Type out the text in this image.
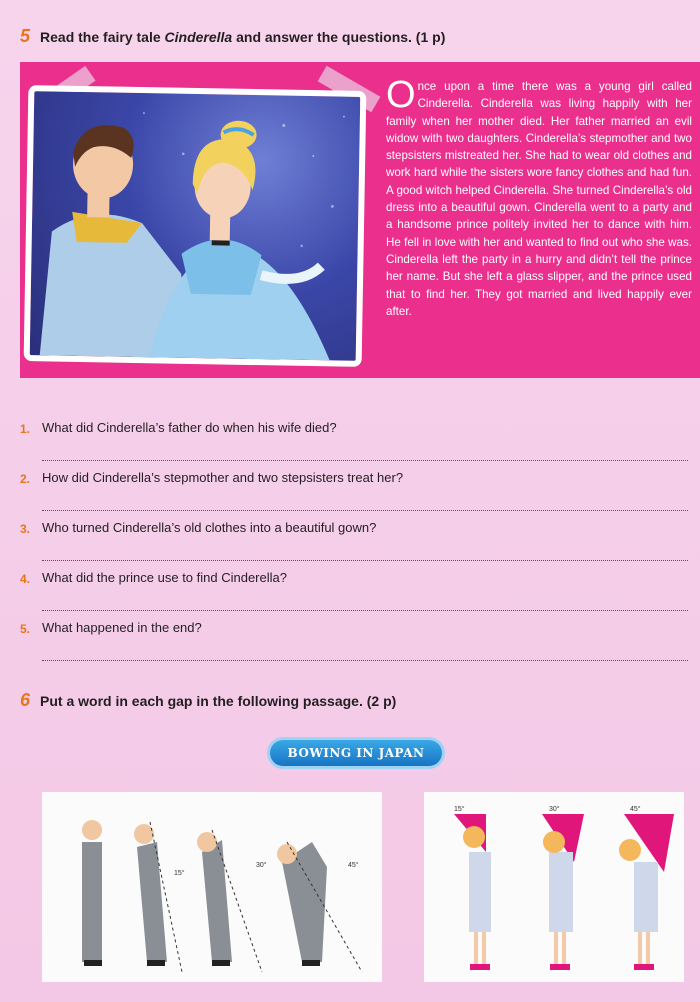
5 Read the fairy tale Cinderella and answer the questions. (1 p)
Once upon a time there was a young girl called Cinderella. Cinderella was living happily with her family when her mother died. Her father married an evil widow with two daughters. Cinderella’s stepmother and two stepsisters mistreated her. She had to wear old clothes and work hard while the sisters wore fancy clothes and had fun. A good witch helped Cinderella. She turned Cinderella’s old dress into a beautiful gown. Cinderella went to a party and a handsome prince politely invited her to dance with him. He fell in love with her and wanted to find out who she was. Cinderella left the party in a hurry and didn’t tell the prince her name. But she left a glass slipper, and the prince used that to find her. They got married and lived happily ever after.
1. What did Cinderella’s father do when his wife died?
2. How did Cinderella’s stepmother and two stepsisters treat her?
3. Who turned Cinderella’s old clothes into a beautiful gown?
4. What did the prince use to find Cinderella?
5. What happened in the end?
6 Put a word in each gap in the following passage. (2 p)
BOWING IN JAPAN
15°
30°	45°
15°	30°	45°
